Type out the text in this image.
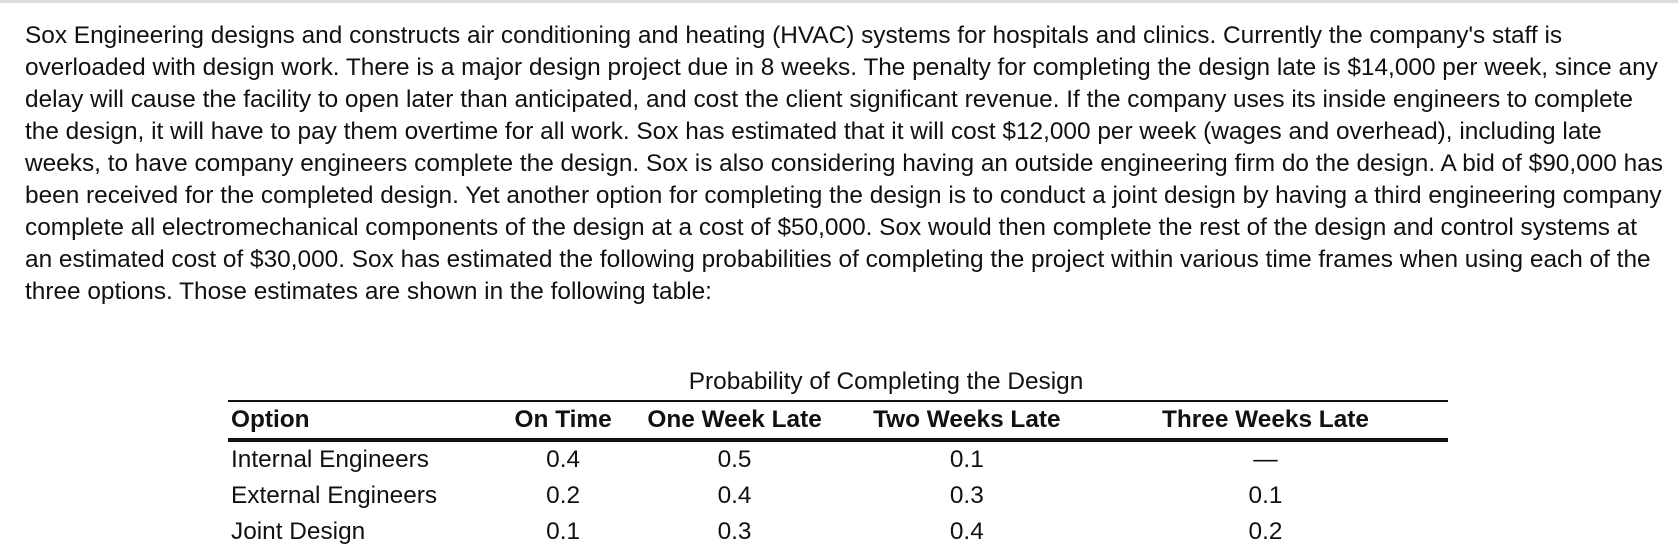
Sox Engineering designs and constructs air conditioning and heating (HVAC) systems for hospitals and clinics. Currently the company's staff is overloaded with design work. There is a major design project due in 8 weeks. The penalty for completing the design late is $14,000 per week, since any delay will cause the facility to open later than anticipated, and cost the client significant revenue. If the company uses its inside engineers to complete the design, it will have to pay them overtime for all work. Sox has estimated that it will cost $12,000 per week (wages and overhead), including late weeks, to have company engineers complete the design. Sox is also considering having an outside engineering firm do the design. A bid of $90,000 has been received for the completed design. Yet another option for completing the design is to conduct a joint design by having a third engineering company complete all electromechanical components of the design at a cost of $50,000. Sox would then complete the rest of the design and control systems at an estimated cost of $30,000. Sox has estimated the following probabilities of completing the project within various time frames when using each of the three options. Those estimates are shown in the following table:

Probability of Completing the Design
Option	On Time	One Week Late	Two Weeks Late	Three Weeks Late
Internal Engineers	0.4	0.5	0.1	—
External Engineers	0.2	0.4	0.3	0.1
Joint Design	0.1	0.3	0.4	0.2
